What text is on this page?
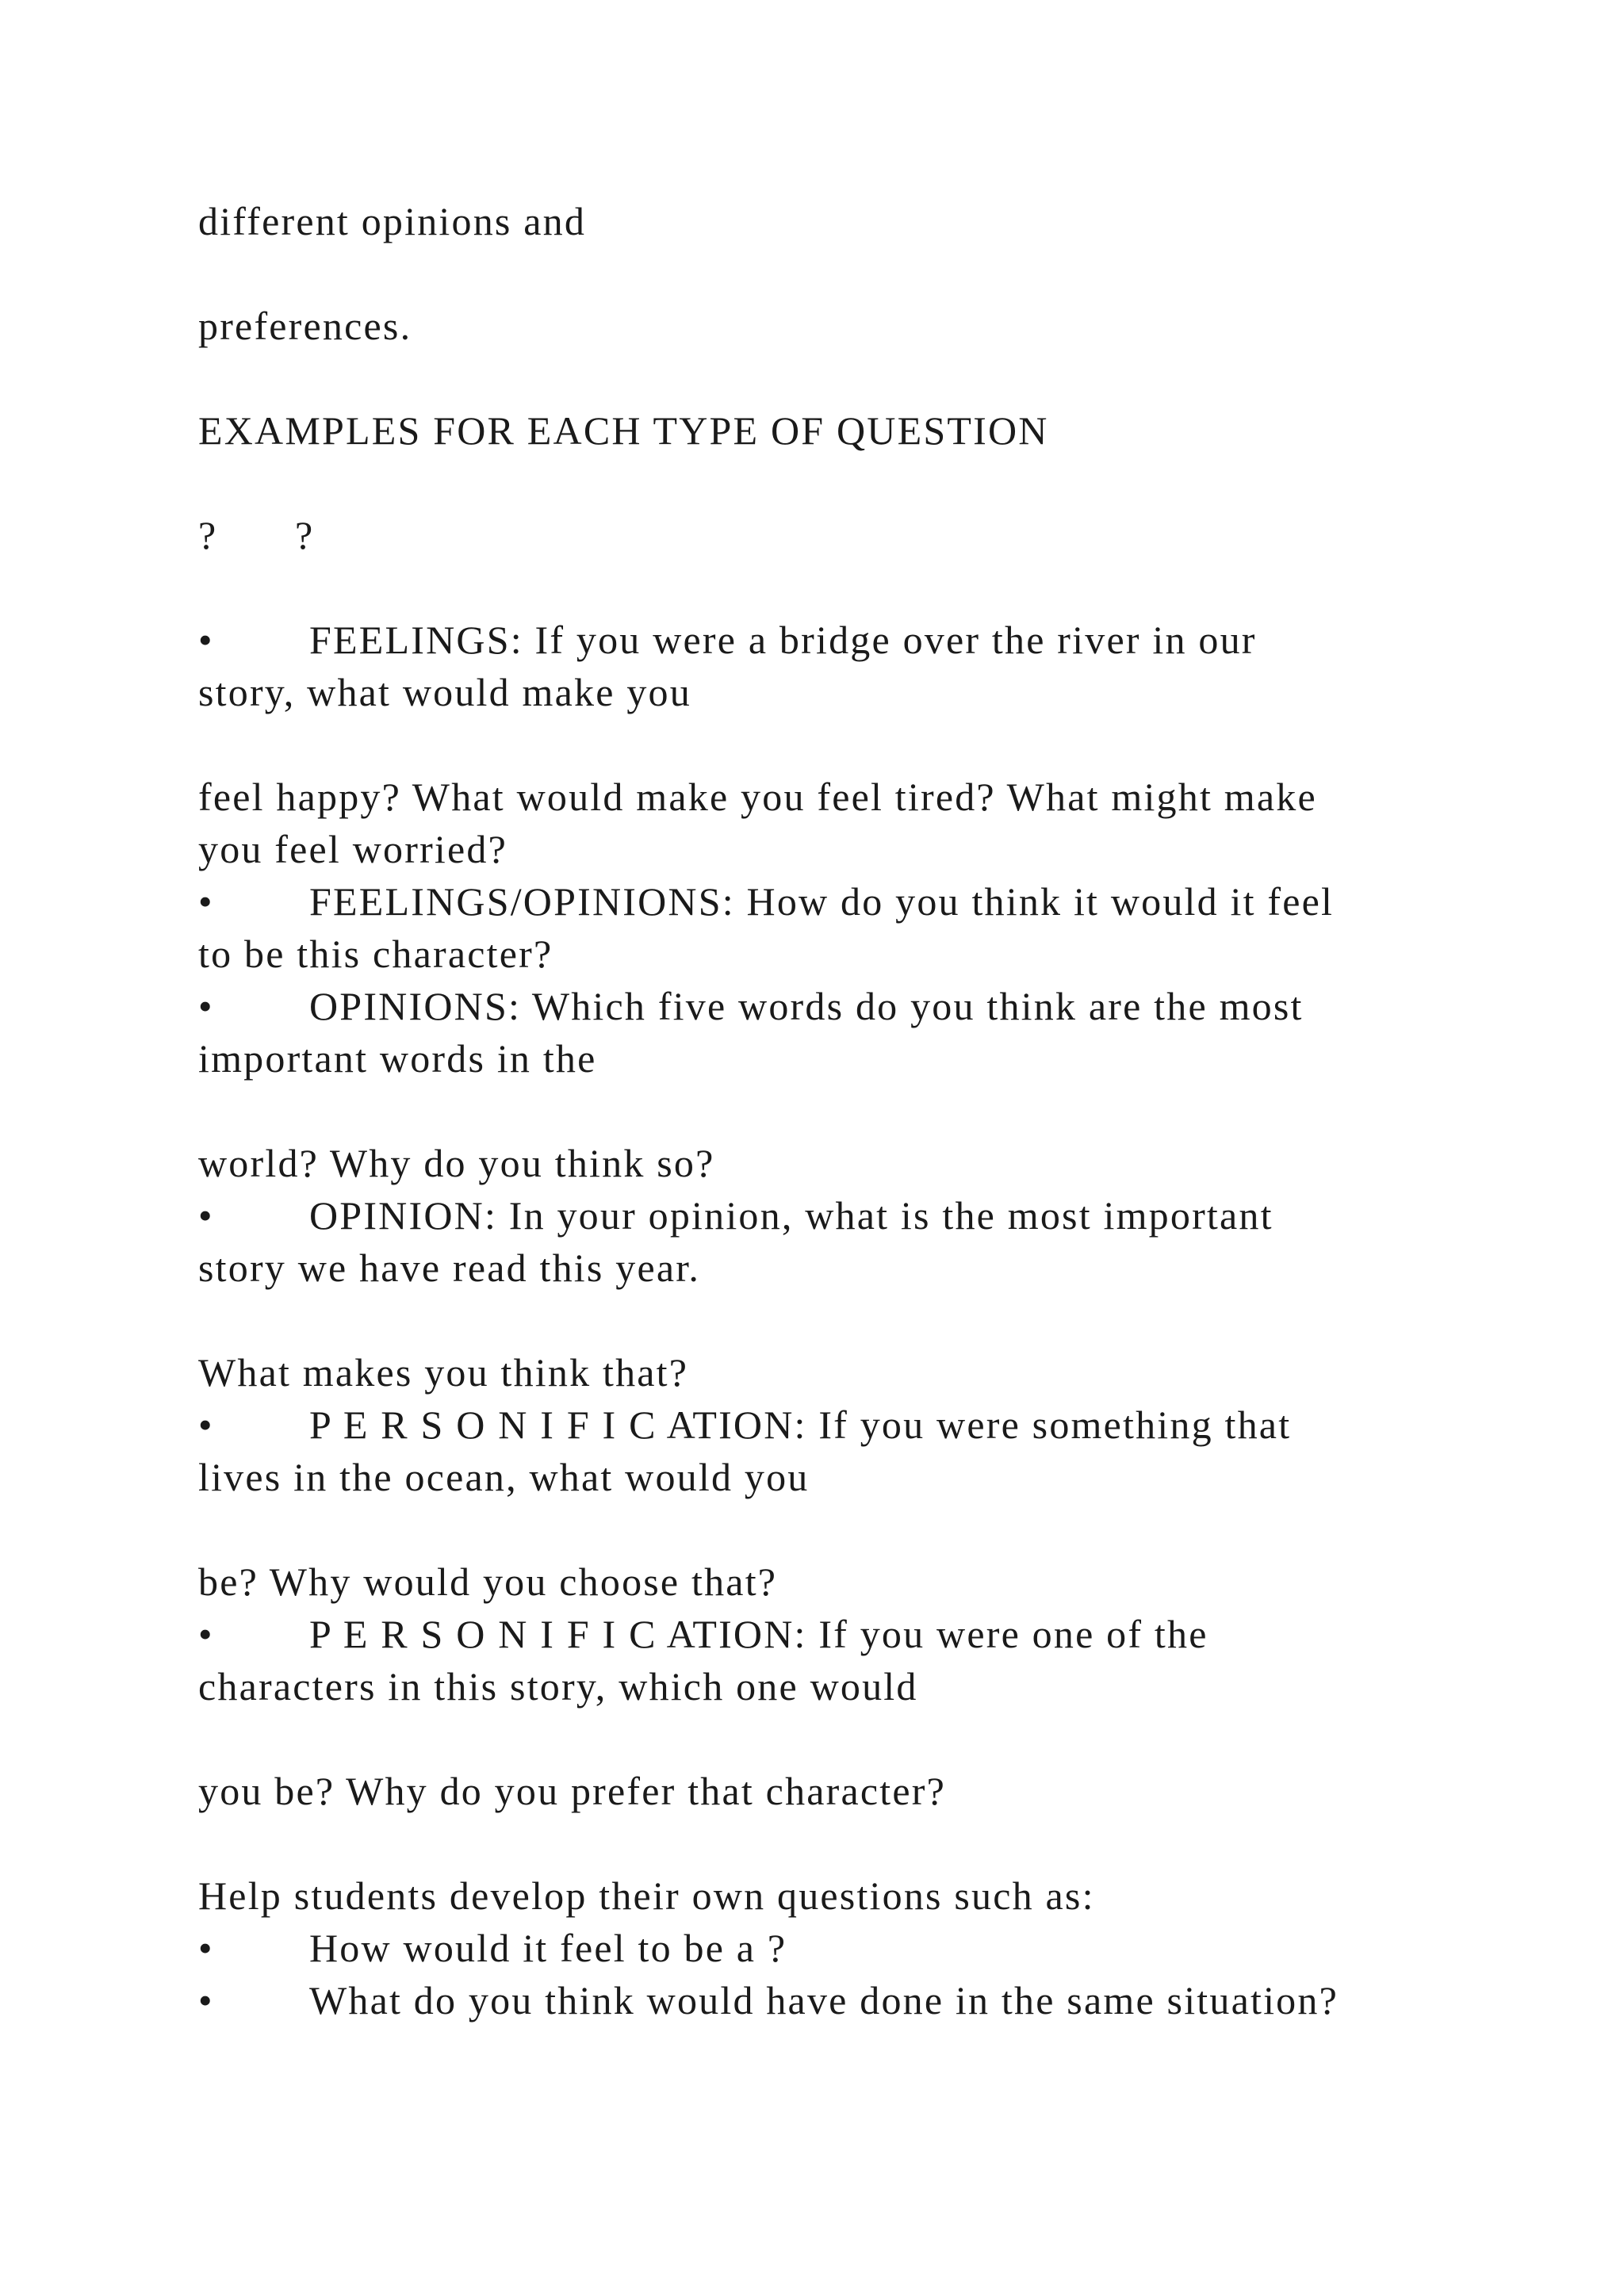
different opinions and
preferences.
EXAMPLES FOR EACH TYPE OF QUESTION
? ?
• FEELINGS: If you were a bridge over the river in our
story, what would make you
feel happy? What would make you feel tired? What might make
you feel worried?
• FEELINGS/OPINIONS: How do you think it would it feel
to be this character?
• OPINIONS: Which five words do you think are the most
important words in the
world? Why do you think so?
• OPINION: In your opinion, what is the most important
story we have read this year.
What makes you think that?
• P E R S O N I F I C ATION: If you were something that
lives in the ocean, what would you
be? Why would you choose that?
• P E R S O N I F I C ATION: If you were one of the
characters in this story, which one would
you be? Why do you prefer that character?
Help students develop their own questions such as:
• How would it feel to be a ?
• What do you think would have done in the same situation?
